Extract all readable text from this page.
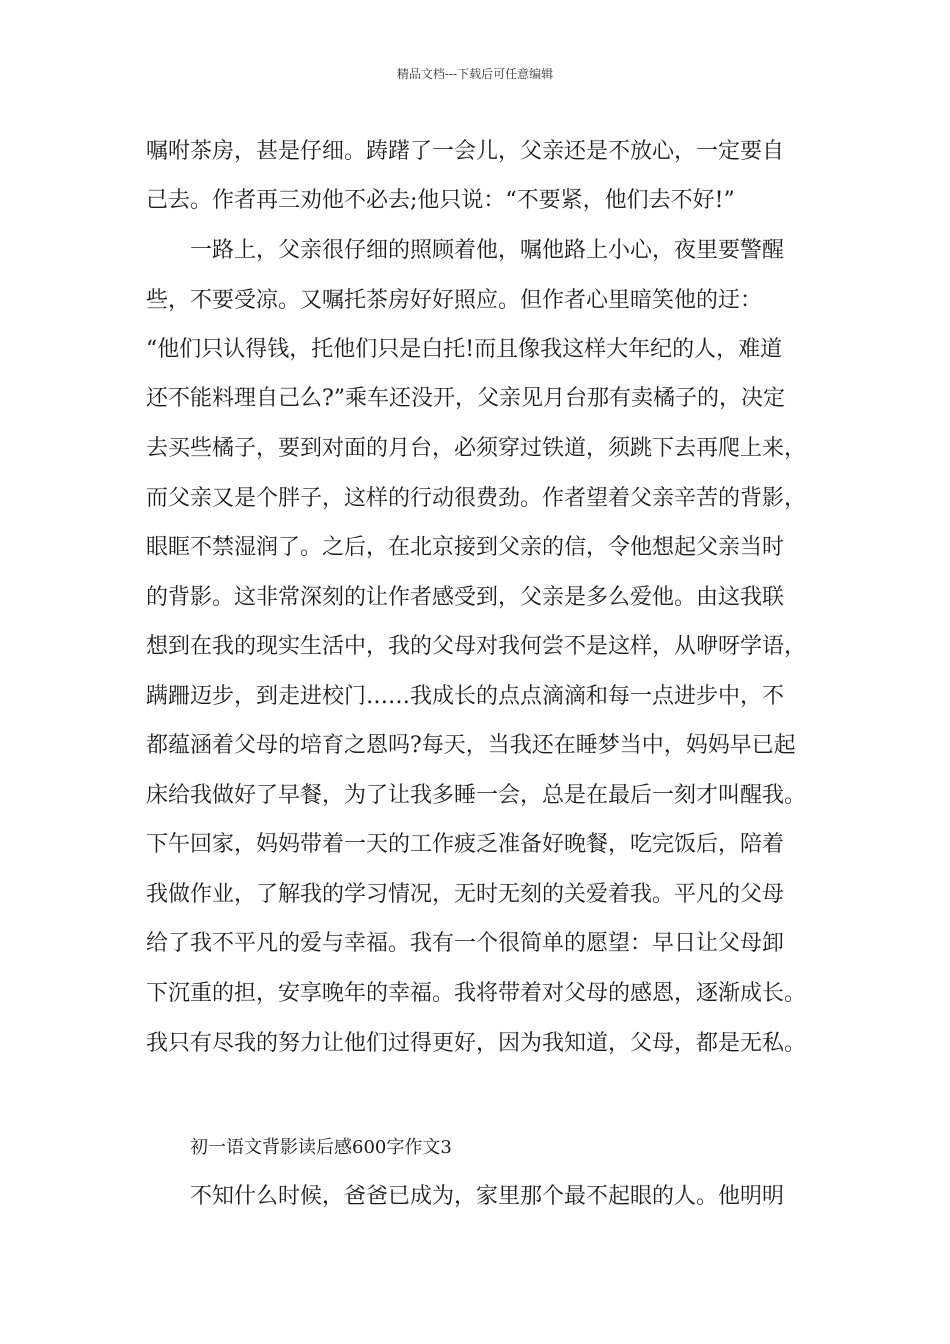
精品文档---下载后可任意编辑
嘱咐茶房，甚是仔细。踌躇了一会儿，父亲还是不放心，一定要自
己去。作者再三劝他不必去;他只说：“不要紧，他们去不好!”
一路上，父亲很仔细的照顾着他，嘱他路上小心，夜里要警醒
些，不要受凉。又嘱托茶房好好照应。但作者心里暗笑他的迂：
“他们只认得钱，托他们只是白托!而且像我这样大年纪的人，难道
还不能料理自己么?”乘车还没开，父亲见月台那有卖橘子的，决定
去买些橘子，要到对面的月台，必须穿过铁道，须跳下去再爬上来，
而父亲又是个胖子，这样的行动很费劲。作者望着父亲辛苦的背影，
眼眶不禁湿润了。之后，在北京接到父亲的信，令他想起父亲当时
的背影。这非常深刻的让作者感受到，父亲是多么爱他。由这我联
想到在我的现实生活中，我的父母对我何尝不是这样，从咿呀学语，
蹒跚迈步，到走进校门……我成长的点点滴滴和每一点进步中，不
都蕴涵着父母的培育之恩吗?每天，当我还在睡梦当中，妈妈早已起
床给我做好了早餐，为了让我多睡一会，总是在最后一刻才叫醒我。
下午回家，妈妈带着一天的工作疲乏准备好晚餐，吃完饭后，陪着
我做作业，了解我的学习情况，无时无刻的关爱着我。平凡的父母
给了我不平凡的爱与幸福。我有一个很简单的愿望：早日让父母卸
下沉重的担，安享晚年的幸福。我将带着对父母的感恩，逐渐成长。
我只有尽我的努力让他们过得更好，因为我知道，父母，都是无私。
初一语文背影读后感600字作文3
不知什么时候，爸爸已成为，家里那个最不起眼的人。他明明
